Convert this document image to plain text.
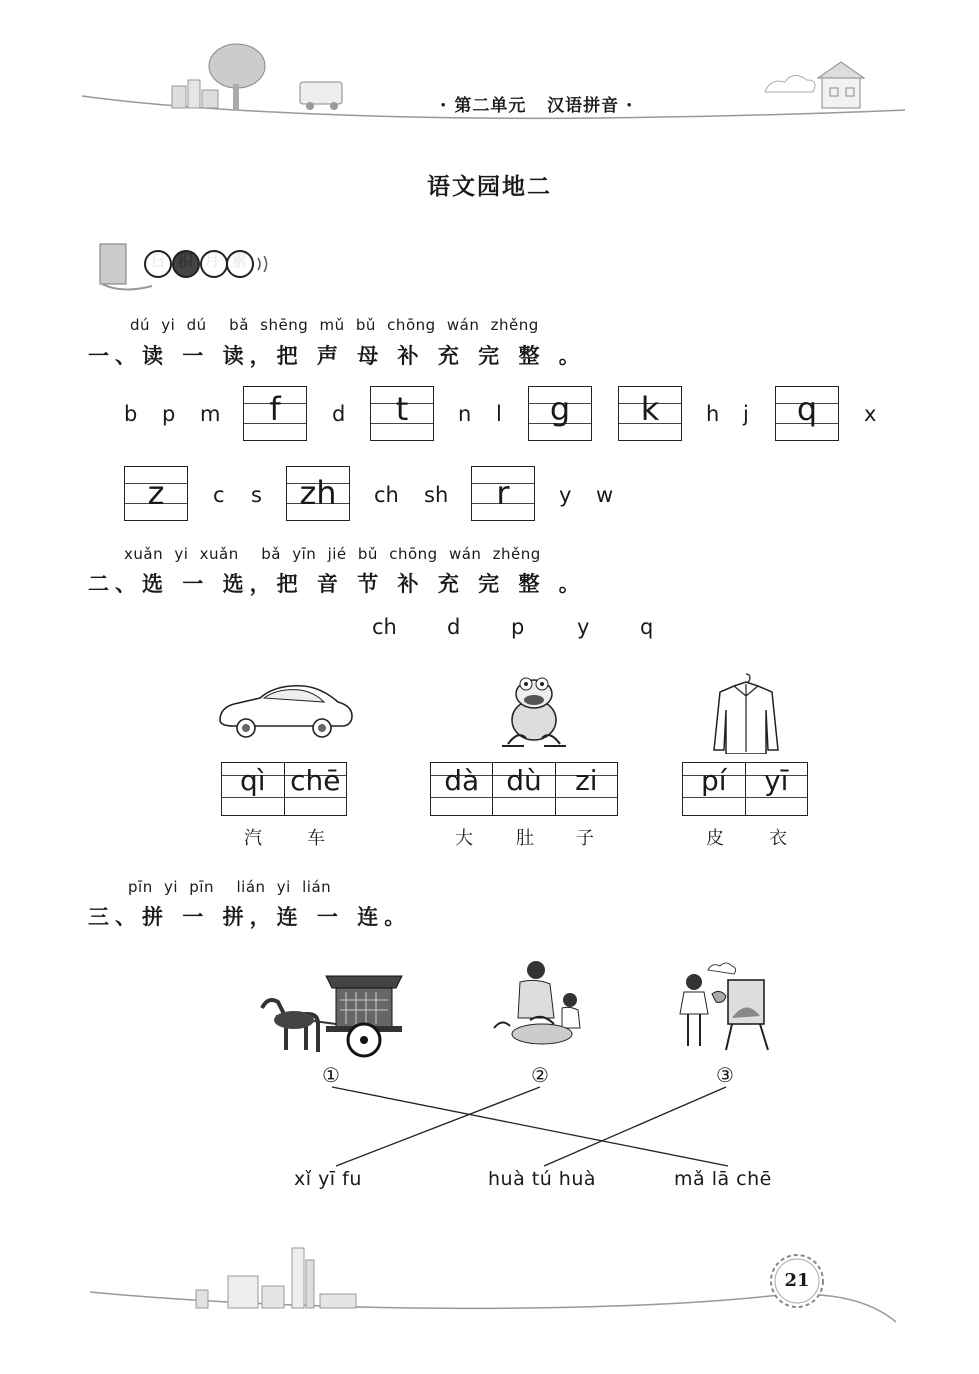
• 第二单元 汉语拼音 •
语文园地二
日积月累
dú yi dú  bǎ shēng mǔ bǔ chōng wán zhěng
一、读 一 读，把 声 母 补 充 完 整 。
b p m	f	d	t	n l	g	k	h j	q	x
z	c s	zh	ch sh	r	y w
xuǎn yi xuǎn  bǎ yīn jié bǔ chōng wán zhěng
二、选 一 选，把 音 节 补 充 完 整 。
ch d p	y q
qì chē
汽	车
dà dù	zi
大 肚 子
pí	yī
皮	衣
pīn yi pīn  lián yi lián
三、拼 一 拼，连 一 连。
①	②	③
xǐ yī fu	huà tú huà	mǎ lā chē
21
